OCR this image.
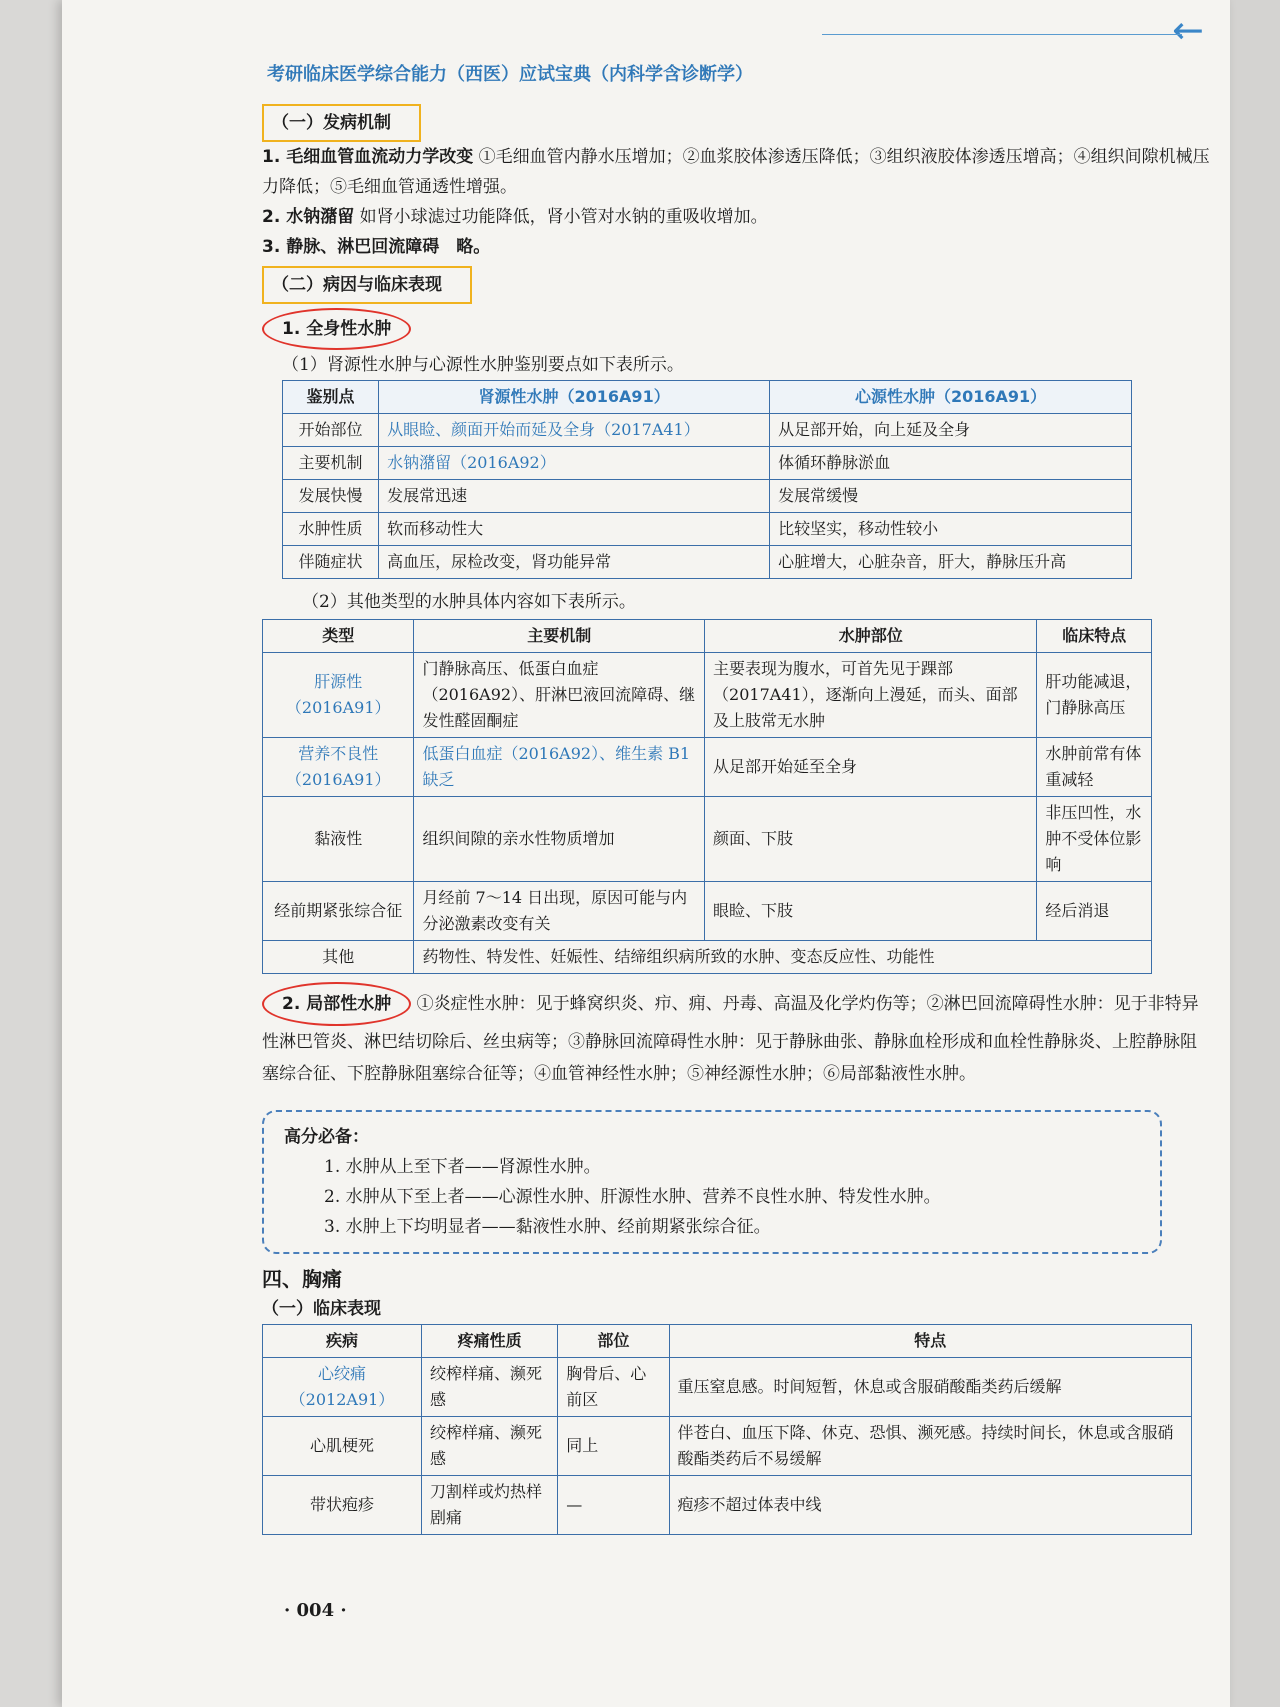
←
考研临床医学综合能力（西医）应试宝典（内科学含诊断学）
（一）发病机制
1. 毛细血管血流动力学改变 ①毛细血管内静水压增加；②血浆胶体渗透压降低；③组织液胶体渗透压增高；④组织间隙机械压力降低；⑤毛细血管通透性增强。
2. 水钠潴留 如肾小球滤过功能降低，肾小管对水钠的重吸收增加。
3. 静脉、淋巴回流障碍　略。
（二）病因与临床表现
1. 全身性水肿
（1）肾源性水肿与心源性水肿鉴别要点如下表所示。
鉴别点	肾源性水肿（2016A91）	心源性水肿（2016A91）
开始部位	从眼睑、颜面开始而延及全身（2017A41）	从足部开始，向上延及全身
主要机制	水钠潴留（2016A92）	体循环静脉淤血
发展快慢	发展常迅速	发展常缓慢
水肿性质	软而移动性大	比较坚实，移动性较小
伴随症状	高血压，尿检改变，肾功能异常	心脏增大，心脏杂音，肝大，静脉压升高
（2）其他类型的水肿具体内容如下表所示。
类型	主要机制	水肿部位	临床特点
肝源性（2016A91）	门静脉高压、低蛋白血症（2016A92）、肝淋巴液回流障碍、继发性醛固酮症	主要表现为腹水，可首先见于踝部（2017A41），逐渐向上漫延，而头、面部及上肢常无水肿	肝功能减退，门静脉高压
营养不良性（2016A91）	低蛋白血症（2016A92）、维生素 B1 缺乏	从足部开始延至全身	水肿前常有体重减轻
黏液性	组织间隙的亲水性物质增加	颜面、下肢	非压凹性，水肿不受体位影响
经前期紧张综合征	月经前 7～14 日出现，原因可能与内分泌激素改变有关	眼睑、下肢	经后消退
其他	药物性、特发性、妊娠性、结缔组织病所致的水肿、变态反应性、功能性		
2. 局部性水肿 ①炎症性水肿：见于蜂窝织炎、疖、痈、丹毒、高温及化学灼伤等；②淋巴回流障碍性水肿：见于非特异性淋巴管炎、淋巴结切除后、丝虫病等；③静脉回流障碍性水肿：见于静脉曲张、静脉血栓形成和血栓性静脉炎、上腔静脉阻塞综合征、下腔静脉阻塞综合征等；④血管神经性水肿；⑤神经源性水肿；⑥局部黏液性水肿。
高分必备：
1. 水肿从上至下者——肾源性水肿。
2. 水肿从下至上者——心源性水肿、肝源性水肿、营养不良性水肿、特发性水肿。
3. 水肿上下均明显者——黏液性水肿、经前期紧张综合征。
四、胸痛
（一）临床表现
疾病	疼痛性质	部位	特点
心绞痛（2012A91）	绞榨样痛、濒死感	胸骨后、心前区	重压窒息感。时间短暂，休息或含服硝酸酯类药后缓解
心肌梗死	绞榨样痛、濒死感	同上	伴苍白、血压下降、休克、恐惧、濒死感。持续时间长，休息或含服硝酸酯类药后不易缓解
带状疱疹	刀割样或灼热样剧痛	—	疱疹不超过体表中线
· 004 ·
